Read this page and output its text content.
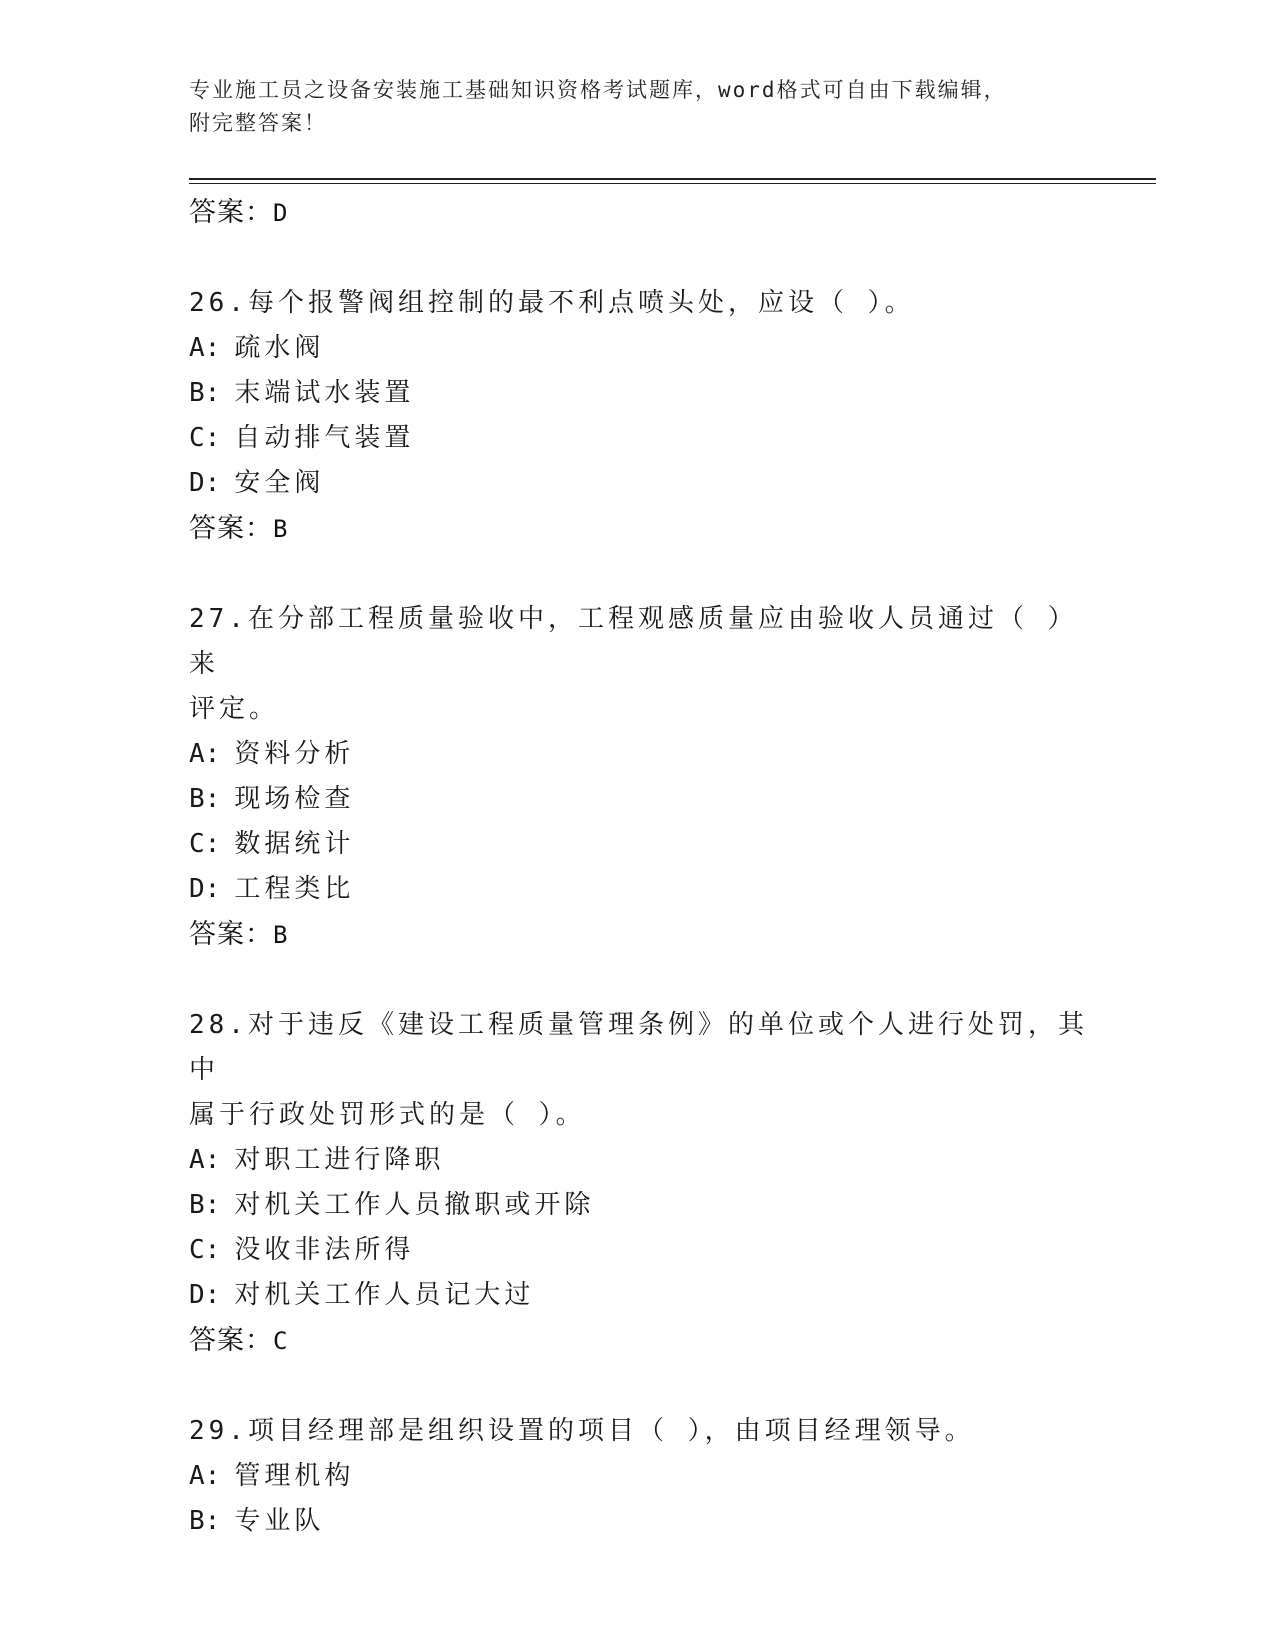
专业施工员之设备安装施工基础知识资格考试题库，word格式可自由下载编辑，
附完整答案！
答案：D
26.每个报警阀组控制的最不利点喷头处，应设（ ）。
A: 疏水阀
B: 末端试水装置
C: 自动排气装置
D: 安全阀
答案：B
27.在分部工程质量验收中，工程观感质量应由验收人员通过（ ）来
评定。
A: 资料分析
B: 现场检查
C: 数据统计
D: 工程类比
答案：B
28.对于违反《建设工程质量管理条例》的单位或个人进行处罚，其中
属于行政处罚形式的是（ ）。
A: 对职工进行降职
B: 对机关工作人员撤职或开除
C: 没收非法所得
D: 对机关工作人员记大过
答案：C
29.项目经理部是组织设置的项目（ ），由项目经理领导。
A: 管理机构
B: 专业队
